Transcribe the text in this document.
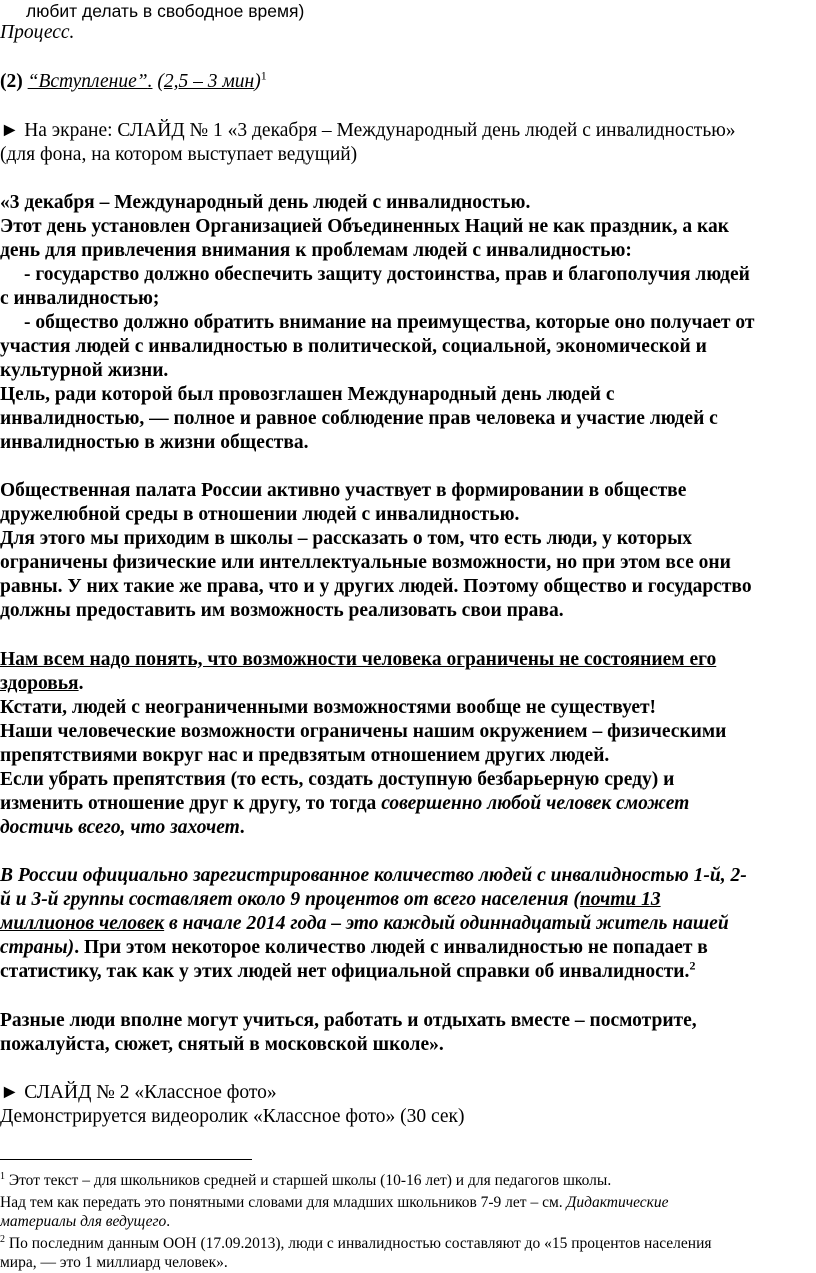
любит делать в свободное время)

Процесс.

(2) “Вступление”. (2,5 – 3 мин)$^1$

► На экране: СЛАЙД № 1 «3 декабря – Международный день людей с инвалидностью»

(для фона, на котором выступает ведущий)

«3 декабря – Международный день людей с инвалидностью.

Этот день установлен Организацией Объединенных Наций не как праздник, а как

день для привлечения внимания к проблемам людей с инвалидностью:

- государство должно обеспечить защиту достоинства, прав и благополучия людей

с инвалидностью;

- общество должно обратить внимание на преимущества, которые оно получает от

участия людей с инвалидностью в политической, социальной, экономической и

культурной жизни.

Цель, ради которой был провозглашен Международный день людей с

инвалидностью, — полное и равное соблюдение прав человека и участие людей с

инвалидностью в жизни общества.

Общественная палата России активно участвует в формировании в обществе

дружелюбной среды в отношении людей с инвалидностью.

Для этого мы приходим в школы – рассказать о том, что есть люди, у которых

ограничены физические или интеллектуальные возможности, но при этом все они

равны. У них такие же права, что и у других людей. Поэтому общество и государство

должны предоставить им возможность реализовать свои права.

Нам всем надо понять, что возможности человека ограничены не состоянием его

здоровья.

Кстати, людей с неограниченными возможностями вообще не существует!

Наши человеческие возможности ограничены нашим окружением – физическими

препятствиями вокруг нас и предвзятым отношением других людей.

Если убрать препятствия (то есть, создать доступную безбарьерную среду) и

изменить отношение друг к другу, то тогда совершенно любой человек сможет

достичь всего, что захочет.

В России официально зарегистрированное количество людей с инвалидностью 1-й, 2-

й и 3-й группы составляет около 9 процентов от всего населения (почти 13

миллионов человек в начале 2014 года – это каждый одиннадцатый житель нашей

страны). При этом некоторое количество людей с инвалидностью не попадает в

статистику, так как у этих людей нет официальной справки об инвалидности.$^2$

Разные люди вполне могут учиться, работать и отдыхать вместе – посмотрите,

пожалуйста, сюжет, снятый в московской школе».

► СЛАЙД № 2 «Классное фото»

Демонстрируется видеоролик «Классное фото» (30 сек)

$^1$ Этот текст – для школьников средней и старшей школы (10-16 лет) и для педагогов школы.

Над тем как передать это понятными словами для младших школьников 7-9 лет – см. Дидактические

материалы для ведущего.

$^2$ По последним данным ООН (17.09.2013), люди с инвалидностью составляют до «15 процентов населения

мира, — это 1 миллиард человек».
